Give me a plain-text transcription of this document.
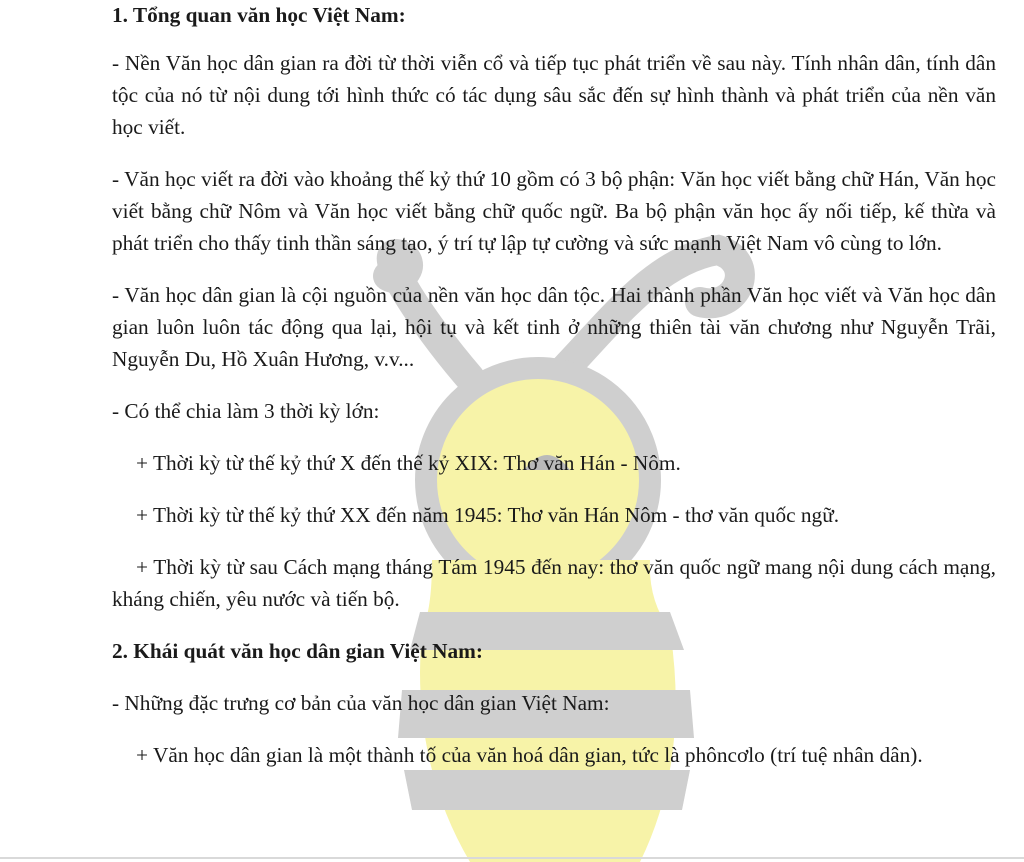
1. Tổng quan văn học Việt Nam:

- Nền Văn học dân gian ra đời từ thời viễn cổ và tiếp tục phát triển về sau này. Tính nhân dân, tính dân tộc của nó từ nội dung tới hình thức có tác dụng sâu sắc đến sự hình thành và phát triển của nền văn học viết.

- Văn học viết ra đời vào khoảng thế kỷ thứ 10 gồm có 3 bộ phận: Văn học viết bằng chữ Hán, Văn học viết bằng chữ Nôm và Văn học viết bằng chữ quốc ngữ. Ba bộ phận văn học ấy nối tiếp, kế thừa và phát triển cho thấy tinh thần sáng tạo, ý trí tự lập tự cường và sức mạnh Việt Nam vô cùng to lớn.

- Văn học dân gian là cội nguồn của nền văn học dân tộc. Hai thành phần Văn học viết và Văn học dân gian luôn luôn tác động qua lại, hội tụ và kết tinh ở những thiên tài văn chương như Nguyễn Trãi, Nguyễn Du, Hồ Xuân Hương, v.v...

- Có thể chia làm 3 thời kỳ lớn:

+ Thời kỳ từ thế kỷ thứ X đến thế kỷ XIX: Thơ văn Hán - Nôm.

+ Thời kỳ từ thế kỷ thứ XX đến năm 1945: Thơ văn Hán Nôm - thơ văn quốc ngữ.

+ Thời kỳ từ sau Cách mạng tháng Tám 1945 đến nay: thơ văn quốc ngữ mang nội dung cách mạng, kháng chiến, yêu nước và tiến bộ.

2. Khái quát văn học dân gian Việt Nam:

- Những đặc trưng cơ bản của văn học dân gian Việt Nam:

+ Văn học dân gian là một thành tố của văn hoá dân gian, tức là phôncơlo (trí tuệ nhân dân).
